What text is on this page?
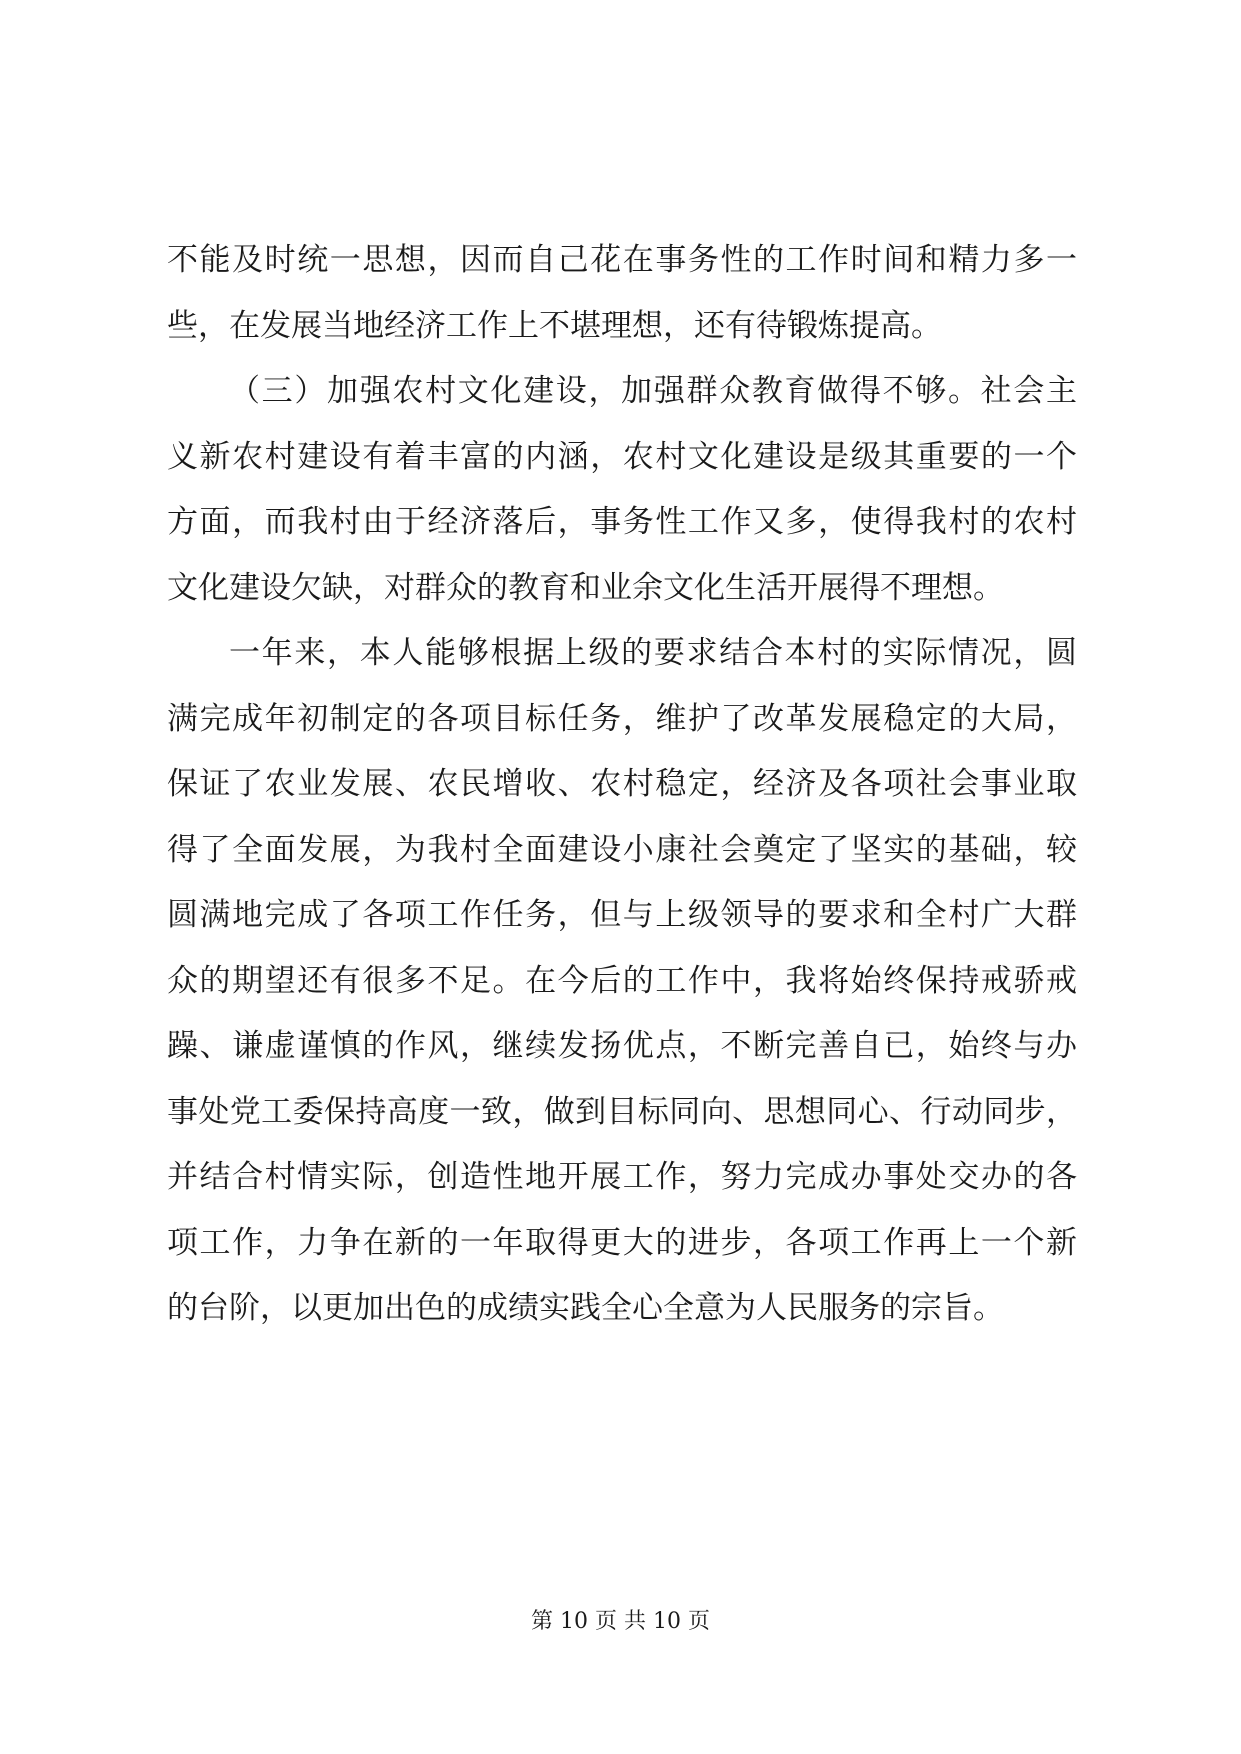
不能及时统一思想，因而自己花在事务性的工作时间和精力多一
些，在发展当地经济工作上不堪理想，还有待锻炼提高。
（三）加强农村文化建设，加强群众教育做得不够。社会主
义新农村建设有着丰富的内涵，农村文化建设是级其重要的一个
方面，而我村由于经济落后，事务性工作又多，使得我村的农村
文化建设欠缺，对群众的教育和业余文化生活开展得不理想。
一年来，本人能够根据上级的要求结合本村的实际情况，圆
满完成年初制定的各项目标任务，维护了改革发展稳定的大局，
保证了农业发展、农民增收、农村稳定，经济及各项社会事业取
得了全面发展，为我村全面建设小康社会奠定了坚实的基础，较
圆满地完成了各项工作任务，但与上级领导的要求和全村广大群
众的期望还有很多不足。在今后的工作中，我将始终保持戒骄戒
躁、谦虚谨慎的作风，继续发扬优点，不断完善自已，始终与办
事处党工委保持高度一致，做到目标同向、思想同心、行动同步，
并结合村情实际，创造性地开展工作，努力完成办事处交办的各
项工作，力争在新的一年取得更大的进步，各项工作再上一个新
的台阶，以更加出色的成绩实践全心全意为人民服务的宗旨。
第 10 页 共 10 页
